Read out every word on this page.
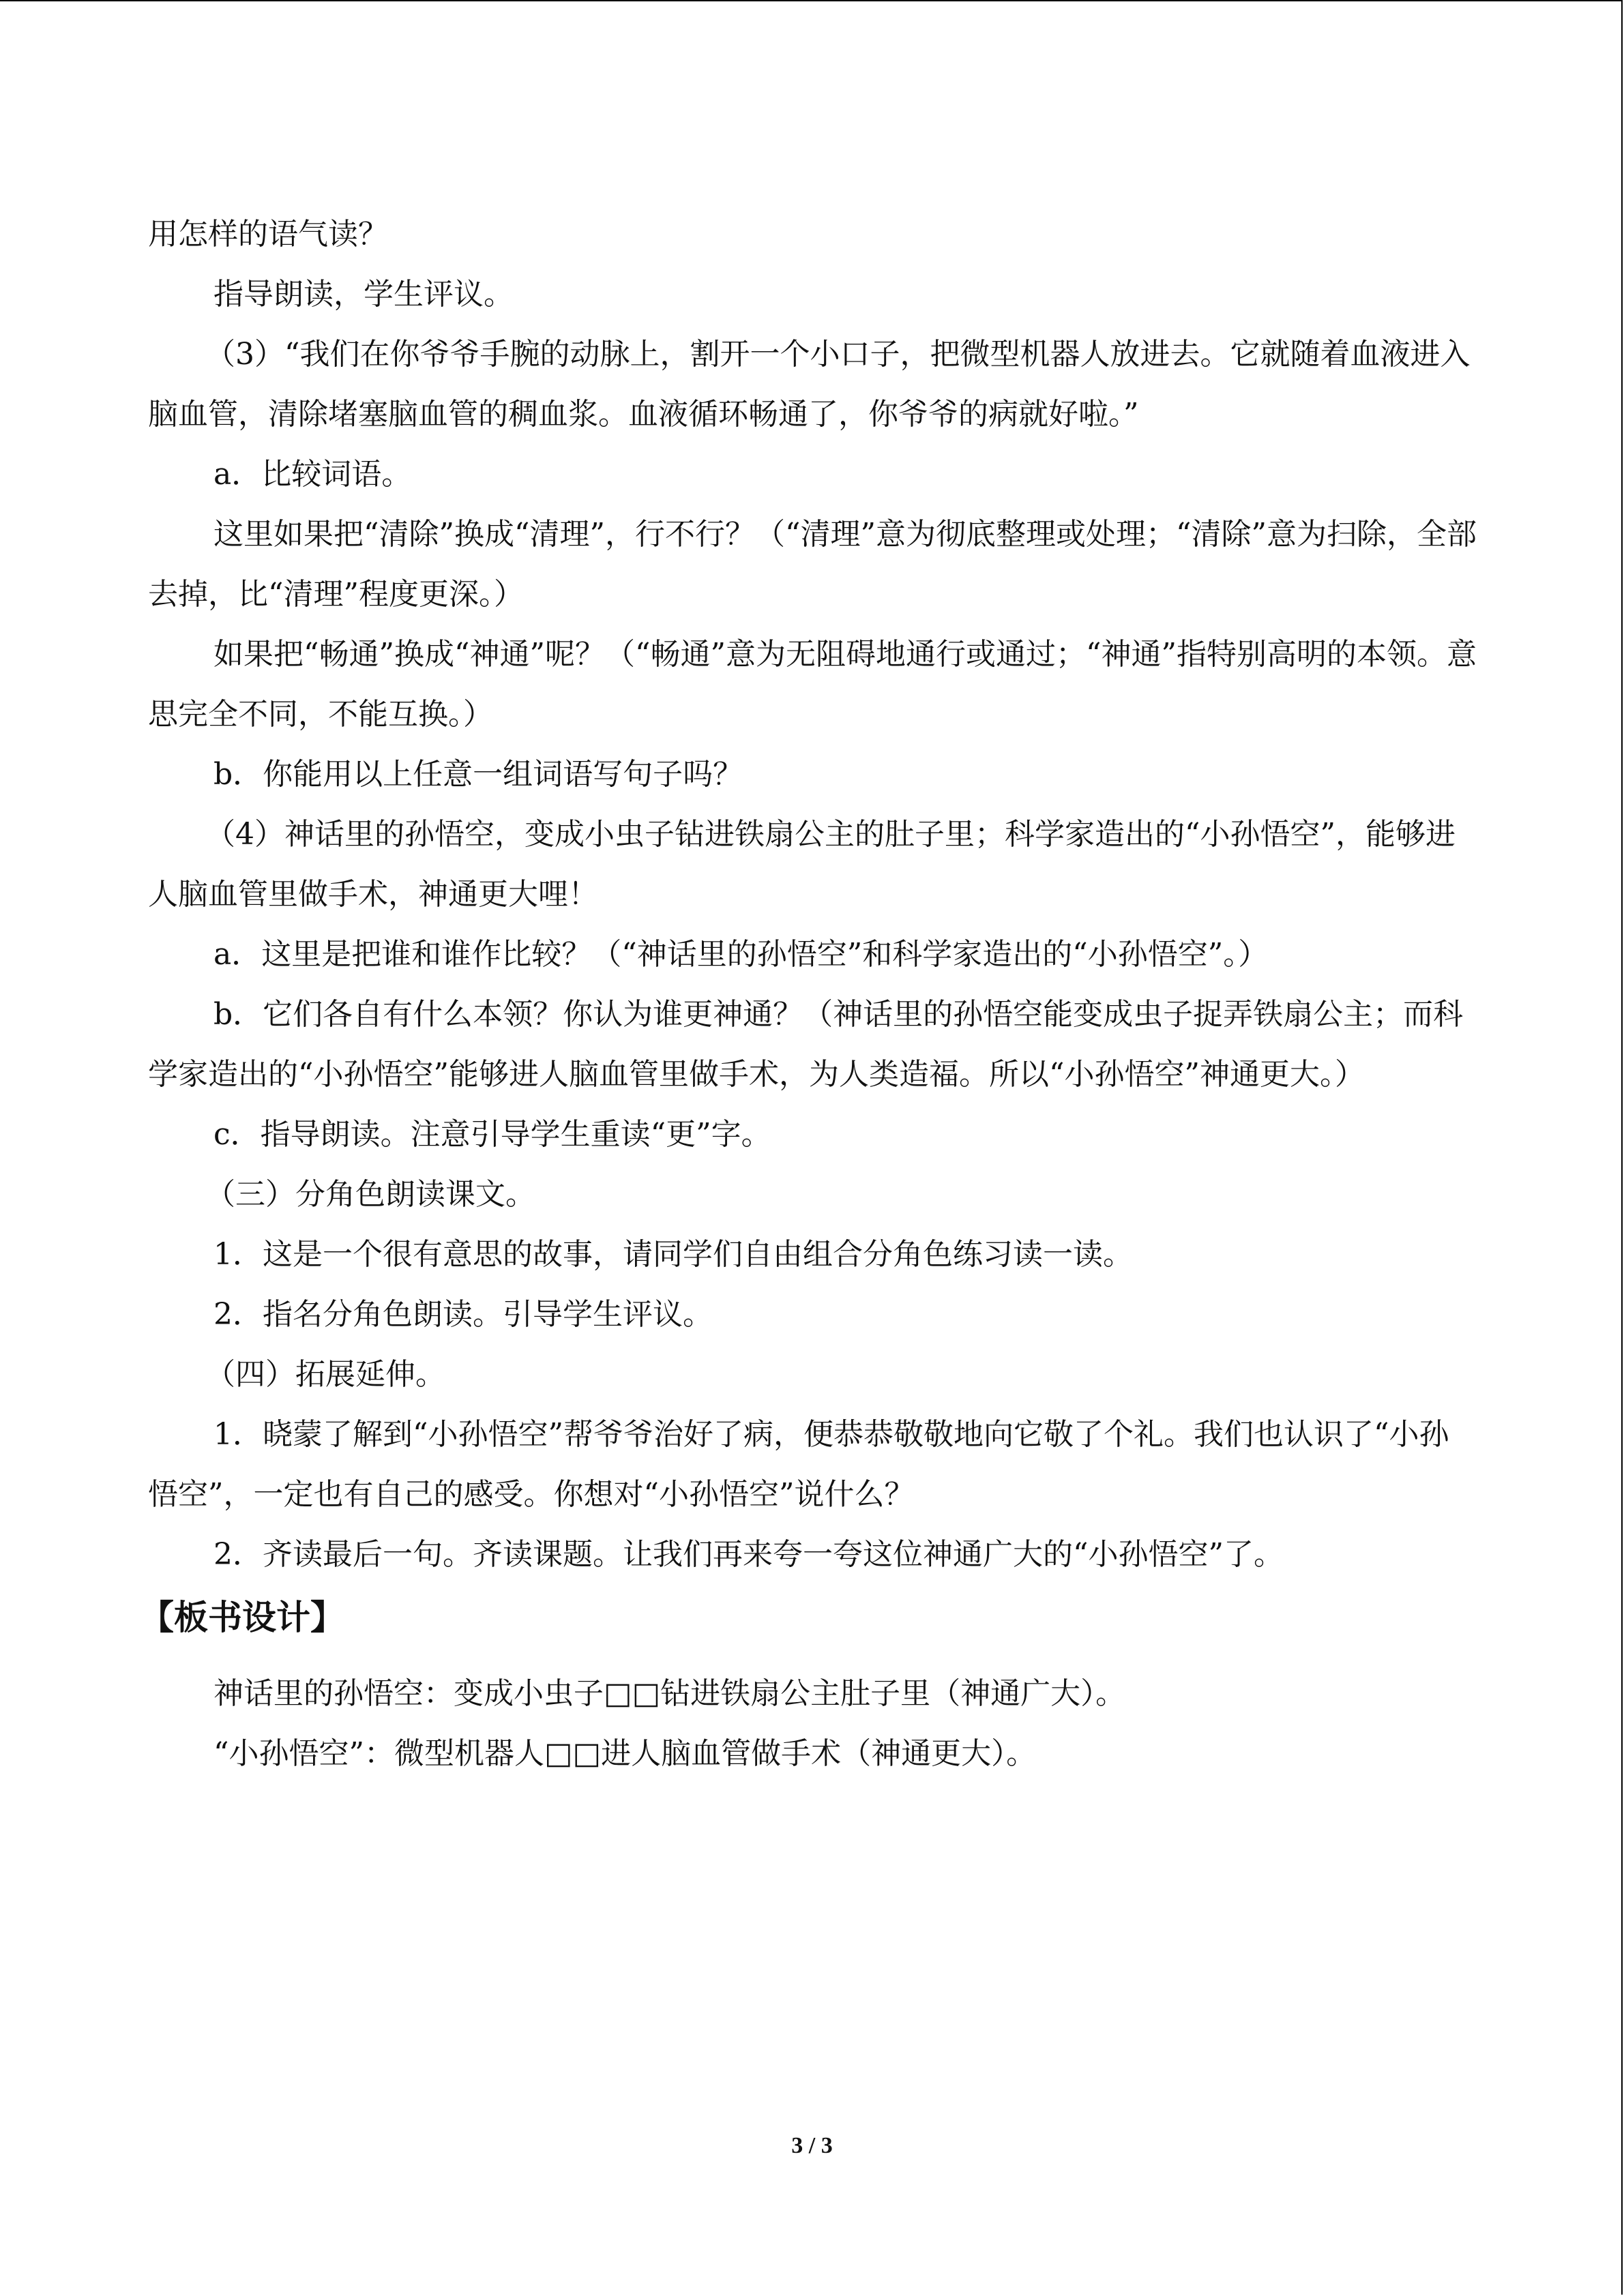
用怎样的语气读？

指导朗读，学生评议。

（3）“我们在你爷爷手腕的动脉上，割开一个小口子，把微型机器人放进去。它就随着血液进入脑血管，清除堵塞脑血管的稠血浆。血液循环畅通了，你爷爷的病就好啦。”

a．比较词语。

这里如果把“清除”换成“清理”，行不行？（“清理”意为彻底整理或处理；“清除”意为扫除，全部去掉，比“清理”程度更深。）

如果把“畅通”换成“神通”呢？（“畅通”意为无阻碍地通行或通过；“神通”指特别高明的本领。意思完全不同，不能互换。）

b．你能用以上任意一组词语写句子吗？

（4）神话里的孙悟空，变成小虫子钻进铁扇公主的肚子里；科学家造出的“小孙悟空”，能够进人脑血管里做手术，神通更大哩！

a．这里是把谁和谁作比较？（“神话里的孙悟空”和科学家造出的“小孙悟空”。）

b．它们各自有什么本领？你认为谁更神通？（神话里的孙悟空能变成虫子捉弄铁扇公主；而科学家造出的“小孙悟空”能够进人脑血管里做手术，为人类造福。所以“小孙悟空”神通更大。）

c．指导朗读。注意引导学生重读“更”字。

（三）分角色朗读课文。

1．这是一个很有意思的故事，请同学们自由组合分角色练习读一读。

2．指名分角色朗读。引导学生评议。

（四）拓展延伸。

1．晓蒙了解到“小孙悟空”帮爷爷治好了病，便恭恭敬敬地向它敬了个礼。我们也认识了“小孙悟空”，一定也有自己的感受。你想对“小孙悟空”说什么？

2．齐读最后一句。齐读课题。让我们再来夸一夸这位神通广大的“小孙悟空”了。

【板书设计】

神话里的孙悟空：变成小虫子□□钻进铁扇公主肚子里（神通广大）。

“小孙悟空”：微型机器人□□进人脑血管做手术（神通更大）。

3 / 3
